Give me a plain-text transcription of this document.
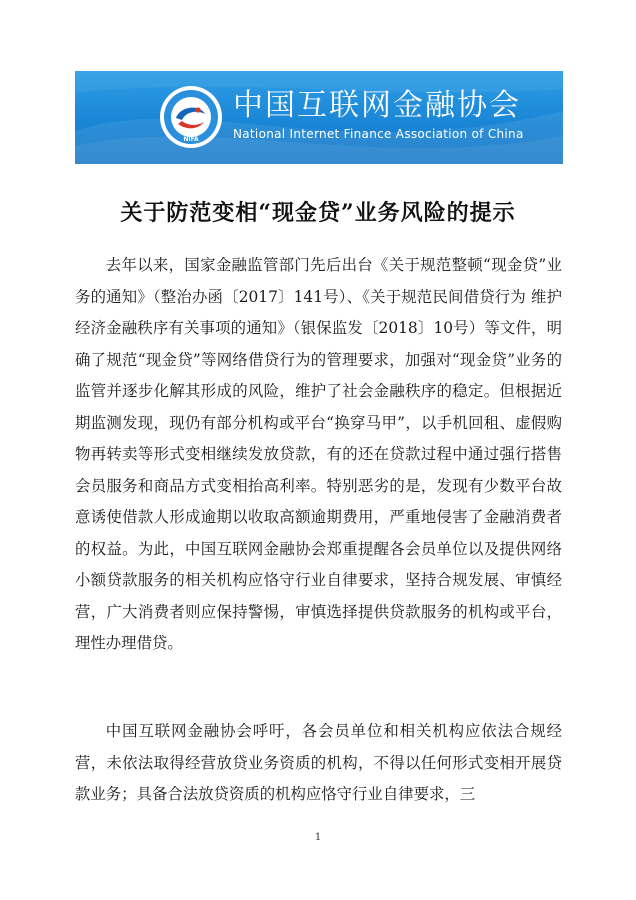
NIFA
中国互联网金融协会
National Internet Finance Association of China
关于防范变相“现金贷”业务风险的提示

去年以来，国家金融监管部门先后出台《关于规范整顿“现金贷”业务的通知》（整治办函〔2017〕141号）、《关于规范民间借贷行为 维护经济金融秩序有关事项的通知》（银保监发〔2018〕10号）等文件，明确了规范“现金贷”等网络借贷行为的管理要求，加强对“现金贷”业务的监管并逐步化解其形成的风险，维护了社会金融秩序的稳定。但根据近期监测发现，现仍有部分机构或平台“换穿马甲”，以手机回租、虚假购物再转卖等形式变相继续发放贷款，有的还在贷款过程中通过强行搭售会员服务和商品方式变相抬高利率。特别恶劣的是，发现有少数平台故意诱使借款人形成逾期以收取高额逾期费用，严重地侵害了金融消费者的权益。为此，中国互联网金融协会郑重提醒各会员单位以及提供网络小额贷款服务的相关机构应恪守行业自律要求，坚持合规发展、审慎经营，广大消费者则应保持警惕，审慎选择提供贷款服务的机构或平台，理性办理借贷。

中国互联网金融协会呼吁，各会员单位和相关机构应依法合规经营，未依法取得经营放贷业务资质的机构，不得以任何形式变相开展贷款业务；具备合法放贷资质的机构应恪守行业自律要求，三

1
